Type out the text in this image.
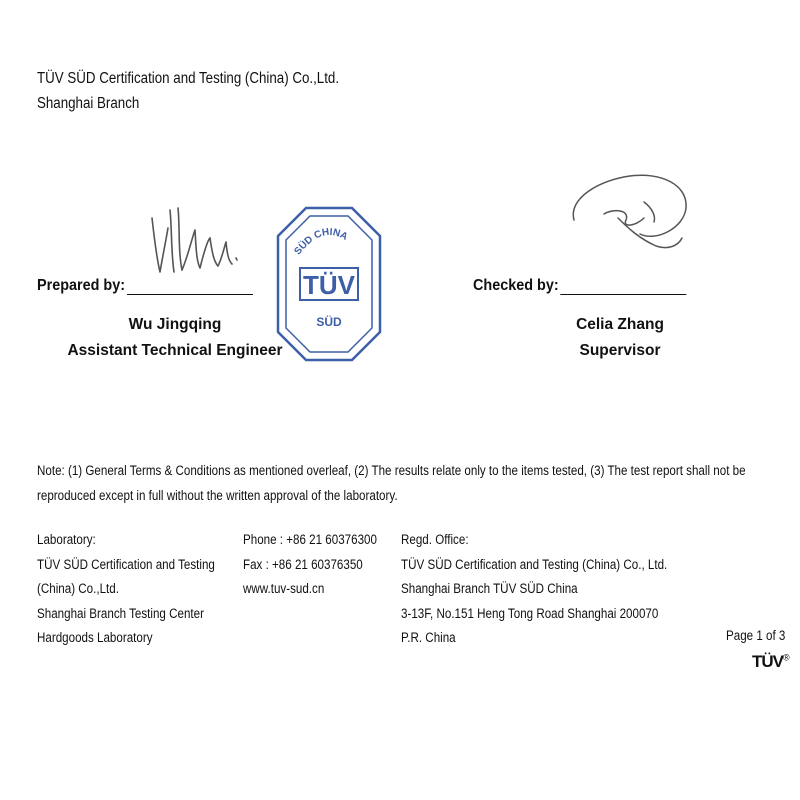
TÜV SÜD Certification and Testing (China) Co.,Ltd.
Shanghai Branch
Prepared by:
Wu Jingqing
Assistant Technical Engineer
SÜD CHINA
TÜV
SÜD
Checked by:
Celia Zhang
Supervisor
Note: (1) General Terms & Conditions as mentioned overleaf, (2) The results relate only to the items tested, (3) The test report shall not be
reproduced except in full without the written approval of the laboratory.
Laboratory:
TÜV SÜD Certification and Testing
(China) Co.,Ltd.
Shanghai Branch Testing Center
Hardgoods Laboratory
Phone : +86 21 60376300
Fax : +86 21 60376350
www.tuv-sud.cn
Regd. Office:
TÜV SÜD Certification and Testing (China) Co., Ltd.
Shanghai Branch TÜV SÜD China
3-13F, No.151 Heng Tong Road Shanghai 200070
P.R. China	Page 1 of 3
TÜV®
